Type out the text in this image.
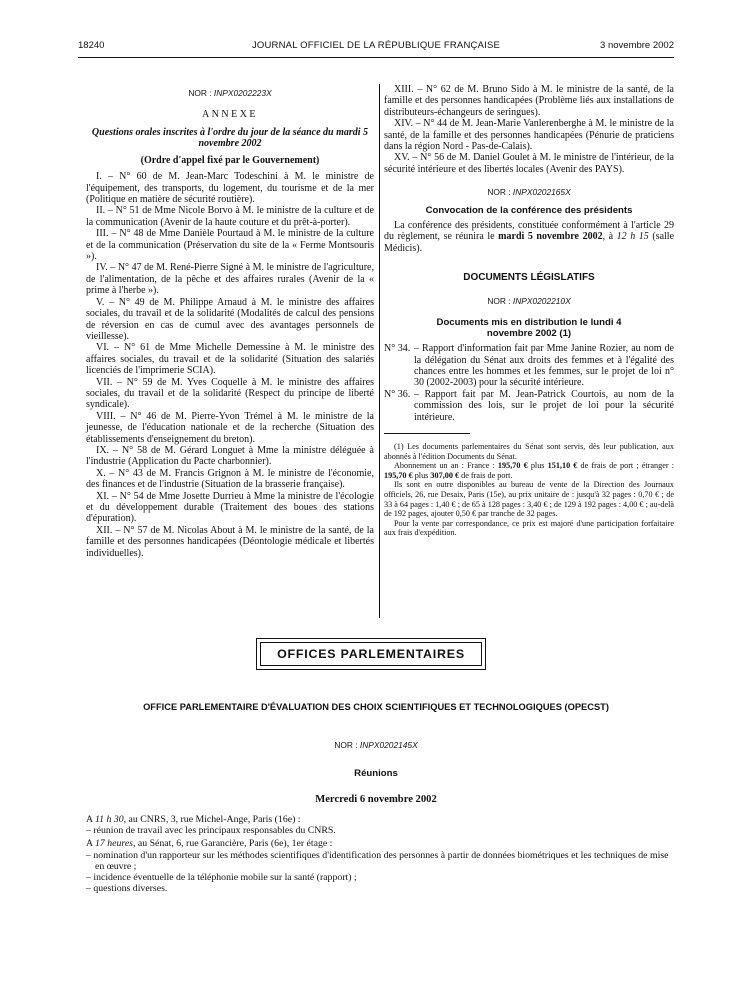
18240	JOURNAL OFFICIEL DE LA RÉPUBLIQUE FRANÇAISE	3 novembre 2002

NOR : INPX0202223X

ANNEXE

Questions orales inscrites à l'ordre du jour de la séance du mardi 5 novembre 2002

(Ordre d'appel fixé par le Gouvernement)

I. – N° 60 de M. Jean-Marc Todeschini à M. le ministre de l'équipement, des transports, du logement, du tourisme et de la mer (Politique en matière de sécurité routière).

II. – N° 51 de Mme Nicole Borvo à M. le ministre de la culture et de la communication (Avenir de la haute couture et du prêt-à-porter).

III. – N° 48 de Mme Danièle Pourtaud à M. le ministre de la culture et de la communication (Préservation du site de la « Ferme Montsouris »).

IV. – N° 47 de M. René-Pierre Signé à M. le ministre de l'agriculture, de l'alimentation, de la pêche et des affaires rurales (Avenir de la « prime à l'herbe »).

V. – N° 49 de M. Philippe Arnaud à M. le ministre des affaires sociales, du travail et de la solidarité (Modalités de calcul des pensions de réversion en cas de cumul avec des avantages personnels de vieillesse).

VI. – N° 61 de Mme Michelle Demessine à M. le ministre des affaires sociales, du travail et de la solidarité (Situation des salariés licenciés de l'imprimerie SCIA).

VII. – N° 59 de M. Yves Coquelle à M. le ministre des affaires sociales, du travail et de la solidarité (Respect du principe de liberté syndicale).

VIII. – N° 46 de M. Pierre-Yvon Trémel à M. le ministre de la jeunesse, de l'éducation nationale et de la recherche (Situation des établissements d'enseignement du breton).

IX. – N° 58 de M. Gérard Longuet à Mme la ministre déléguée à l'industrie (Application du Pacte charbonnier).

X. – N° 43 de M. Francis Grignon à M. le ministre de l'économie, des finances et de l'industrie (Situation de la brasserie française).

XI. – N° 54 de Mme Josette Durrieu à Mme la ministre de l'écologie et du développement durable (Traitement des boues des stations d'épuration).

XII. – N° 57 de M. Nicolas About à M. le ministre de la santé, de la famille et des personnes handicapées (Déontologie médicale et libertés individuelles).

XIII. – N° 62 de M. Bruno Sido à M. le ministre de la santé, de la famille et des personnes handicapées (Problème liés aux installations de distributeurs-échangeurs de seringues).

XIV. – N° 44 de M. Jean-Marie Vanlerenberghe à M. le ministre de la santé, de la famille et des personnes handicapées (Pénurie de praticiens dans la région Nord - Pas-de-Calais).

XV. – N° 56 de M. Daniel Goulet à M. le ministre de l'intérieur, de la sécurité intérieure et des libertés locales (Avenir des PAYS).

NOR : INPX0202165X

Convocation de la conférence des présidents

La conférence des présidents, constituée conformément à l'article 29 du règlement, se réunira le mardi 5 novembre 2002, à 12 h 15 (salle Médicis).

DOCUMENTS LÉGISLATIFS

NOR : INPX0202210X

Documents mis en distribution le lundi 4 novembre 2002 (1)

N° 34. – Rapport d'information fait par Mme Janine Rozier, au nom de la délégation du Sénat aux droits des femmes et à l'égalité des chances entre les hommes et les femmes, sur le projet de loi n° 30 (2002-2003) pour la sécurité intérieure.
N° 36. – Rapport fait par M. Jean-Patrick Courtois, au nom de la commission des lois, sur le projet de loi pour la sécurité intérieure.

(1) Les documents parlementaires du Sénat sont servis, dès leur publication, aux abonnés à l'édition Documents du Sénat.

Abonnement un an : France : 195,70 € plus 151,10 € de frais de port ; étranger : 195,70 € plus 307,00 € de frais de port.

Ils sont en outre disponibles au bureau de vente de la Direction des Journaux officiels, 26, rue Desaix, Paris (15e), au prix unitaire de : jusqu'à 32 pages : 0,70 € ; de 33 à 64 pages : 1,40 € ; de 65 à 128 pages : 3,40 € ; de 129 à 192 pages : 4,00 € ; au-delà de 192 pages, ajouter 0,50 € par tranche de 32 pages.

Pour la vente par correspondance, ce prix est majoré d'une participation forfaitaire aux frais d'expédition.

OFFICES PARLEMENTAIRES
OFFICE PARLEMENTAIRE D'ÉVALUATION DES CHOIX SCIENTIFIQUES ET TECHNOLOGIQUES (OPECST)

NOR : INPX0202145X

Réunions
Mercredi 6 novembre 2002

A 11 h 30, au CNRS, 3, rue Michel-Ange, Paris (16e) :

– réunion de travail avec les principaux responsables du CNRS.

A 17 heures, au Sénat, 6, rue Garancière, Paris (6e), 1er étage :

– nomination d'un rapporteur sur les méthodes scientifiques d'identification des personnes à partir de données biométriques et les techniques de mise en œuvre ;

– incidence éventuelle de la téléphonie mobile sur la santé (rapport) ;

– questions diverses.
